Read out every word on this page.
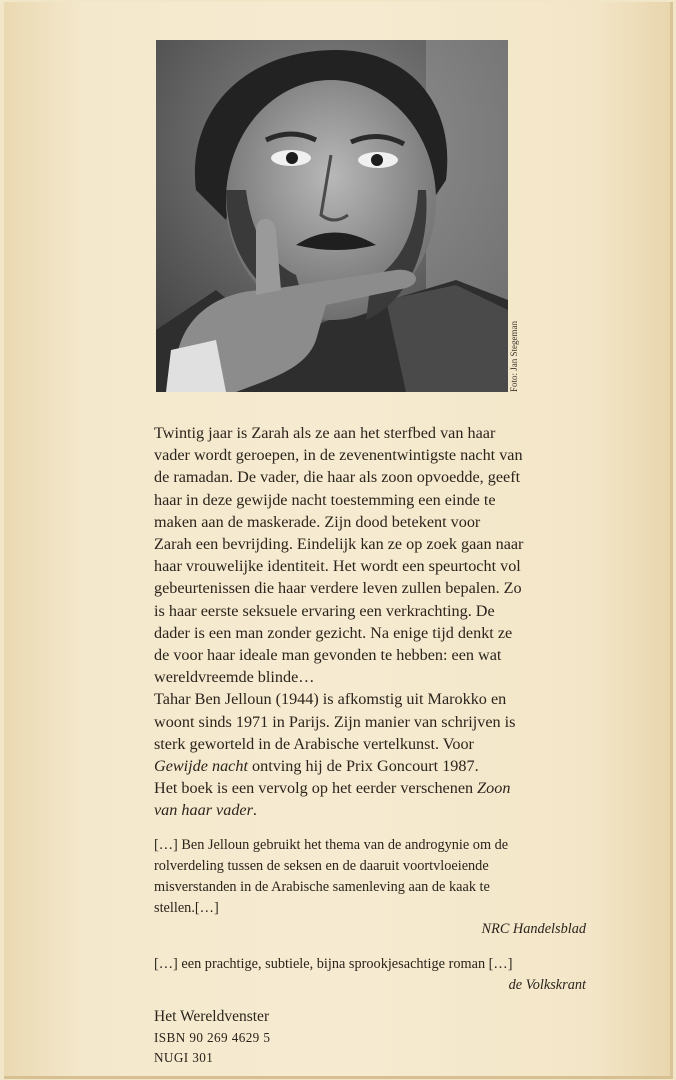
Foto: Jan Stegeman

Twintig jaar is Zarah als ze aan het sterfbed van haar
vader wordt geroepen, in de zevenentwintigste nacht van
de ramadan. De vader, die haar als zoon opvoedde, geeft
haar in deze gewijde nacht toestemming een einde te
maken aan de maskerade. Zijn dood betekent voor
Zarah een bevrijding. Eindelijk kan ze op zoek gaan naar
haar vrouwelijke identiteit. Het wordt een speurtocht vol
gebeurtenissen die haar verdere leven zullen bepalen. Zo
is haar eerste seksuele ervaring een verkrachting. De
dader is een man zonder gezicht. Na enige tijd denkt ze
de voor haar ideale man gevonden te hebben: een wat
wereldvreemde blinde…
Tahar Ben Jelloun (1944) is afkomstig uit Marokko en
woont sinds 1971 in Parijs. Zijn manier van schrijven is
sterk geworteld in de Arabische vertelkunst. Voor
Gewijde nacht ontving hij de Prix Goncourt 1987.
Het boek is een vervolg op het eerder verschenen Zoon
van haar vader.

[…] Ben Jelloun gebruikt het thema van de androgynie om de
rolverdeling tussen de seksen en de daaruit voortvloeiende
misverstanden in de Arabische samenleving aan de kaak te
stellen.[…]

NRC Handelsblad

[…] een prachtige, subtiele, bijna sprookjesachtige roman […]

de Volkskrant
Het Wereldvenster
ISBN 90 269 4629 5
NUGI 301
